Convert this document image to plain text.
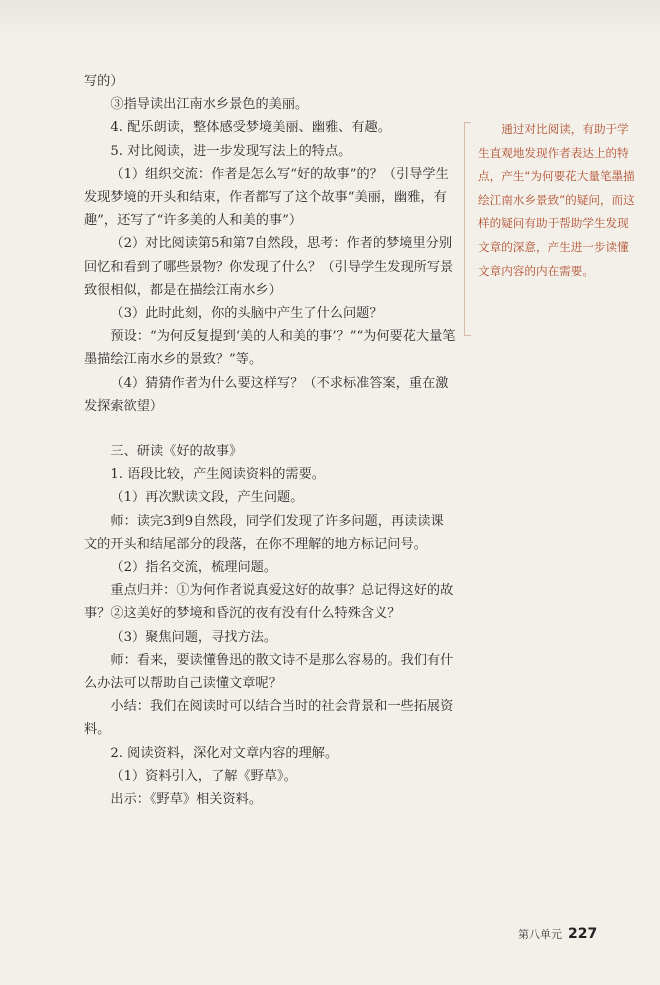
写的）

③指导读出江南水乡景色的美丽。

4. 配乐朗读，整体感受梦境美丽、幽雅、有趣。

5. 对比阅读，进一步发现写法上的特点。

（1）组织交流：作者是怎么写“好的故事”的？（引导学生发现梦境的开头和结束，作者都写了这个故事“美丽，幽雅，有趣”，还写了“许多美的人和美的事”）

（2）对比阅读第5和第7自然段，思考：作者的梦境里分别回忆和看到了哪些景物？你发现了什么？（引导学生发现所写景致很相似，都是在描绘江南水乡）

（3）此时此刻，你的头脑中产生了什么问题？

预设：“为何反复提到‘美的人和美的事’？”“为何要花大量笔墨描绘江南水乡的景致？”等。

（4）猜猜作者为什么要这样写？（不求标准答案，重在激发探索欲望）

三、研读《好的故事》

1. 语段比较，产生阅读资料的需要。

（1）再次默读文段，产生问题。

师：读完3到9自然段，同学们发现了许多问题，再读读课文的开头和结尾部分的段落，在你不理解的地方标记问号。

（2）指名交流，梳理问题。

重点归并：①为何作者说真爱这好的故事？总记得这好的故事？②这美好的梦境和昏沉的夜有没有什么特殊含义？

（3）聚焦问题，寻找方法。

师：看来，要读懂鲁迅的散文诗不是那么容易的。我们有什么办法可以帮助自己读懂文章呢？

小结：我们在阅读时可以结合当时的社会背景和一些拓展资料。

2. 阅读资料，深化对文章内容的理解。

（1）资料引入，了解《野草》。

出示：《野草》相关资料。

通过对比阅读，有助于学生直观地发现作者表达上的特点，产生“为何要花大量笔墨描绘江南水乡景致”的疑问，而这样的疑问有助于帮助学生发现文章的深意，产生进一步读懂文章内容的内在需要。
第八单元 227
